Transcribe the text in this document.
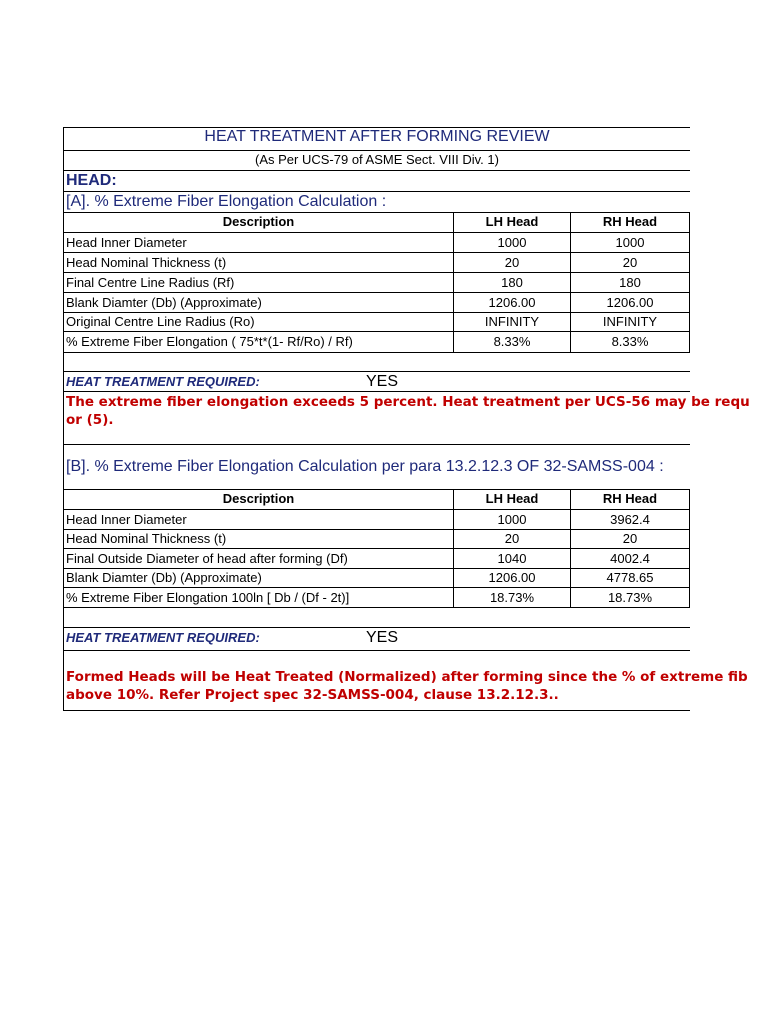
HEAT TREATMENT AFTER FORMING REVIEW
(As Per UCS-79 of ASME Sect. VIII Div. 1)
HEAD:
[A]. % Extreme Fiber Elongation Calculation :
Description	LH Head	RH Head
Head Inner Diameter	1000	1000
Head Nominal Thickness (t)	20	20
Final Centre Line Radius (Rf)	180	180
Blank Diamter (Db) (Approximate)	1206.00	1206.00
Original Centre Line Radius (Ro)	INFINITY	INFINITY
% Extreme Fiber Elongation ( 75*t*(1- Rf/Ro) / Rf)	8.33%	8.33%
HEAT TREATMENT REQUIRED:	YES
The extreme fiber elongation exceeds 5 percent. Heat treatment per UCS-56 may be requ
or (5).
[B]. % Extreme Fiber Elongation Calculation per para 13.2.12.3 OF 32-SAMSS-004 :
Description	LH Head	RH Head
Head Inner Diameter	1000	3962.4
Head Nominal Thickness (t)	20	20
Final Outside Diameter of head after forming (Df)	1040	4002.4
Blank Diamter (Db) (Approximate)	1206.00	4778.65
% Extreme Fiber Elongation 100ln [ Db / (Df - 2t)]	18.73%	18.73%
HEAT TREATMENT REQUIRED:	YES
Formed Heads will be Heat Treated (Normalized) after forming since the % of extreme fib
above 10%. Refer Project spec 32-SAMSS-004, clause 13.2.12.3..
